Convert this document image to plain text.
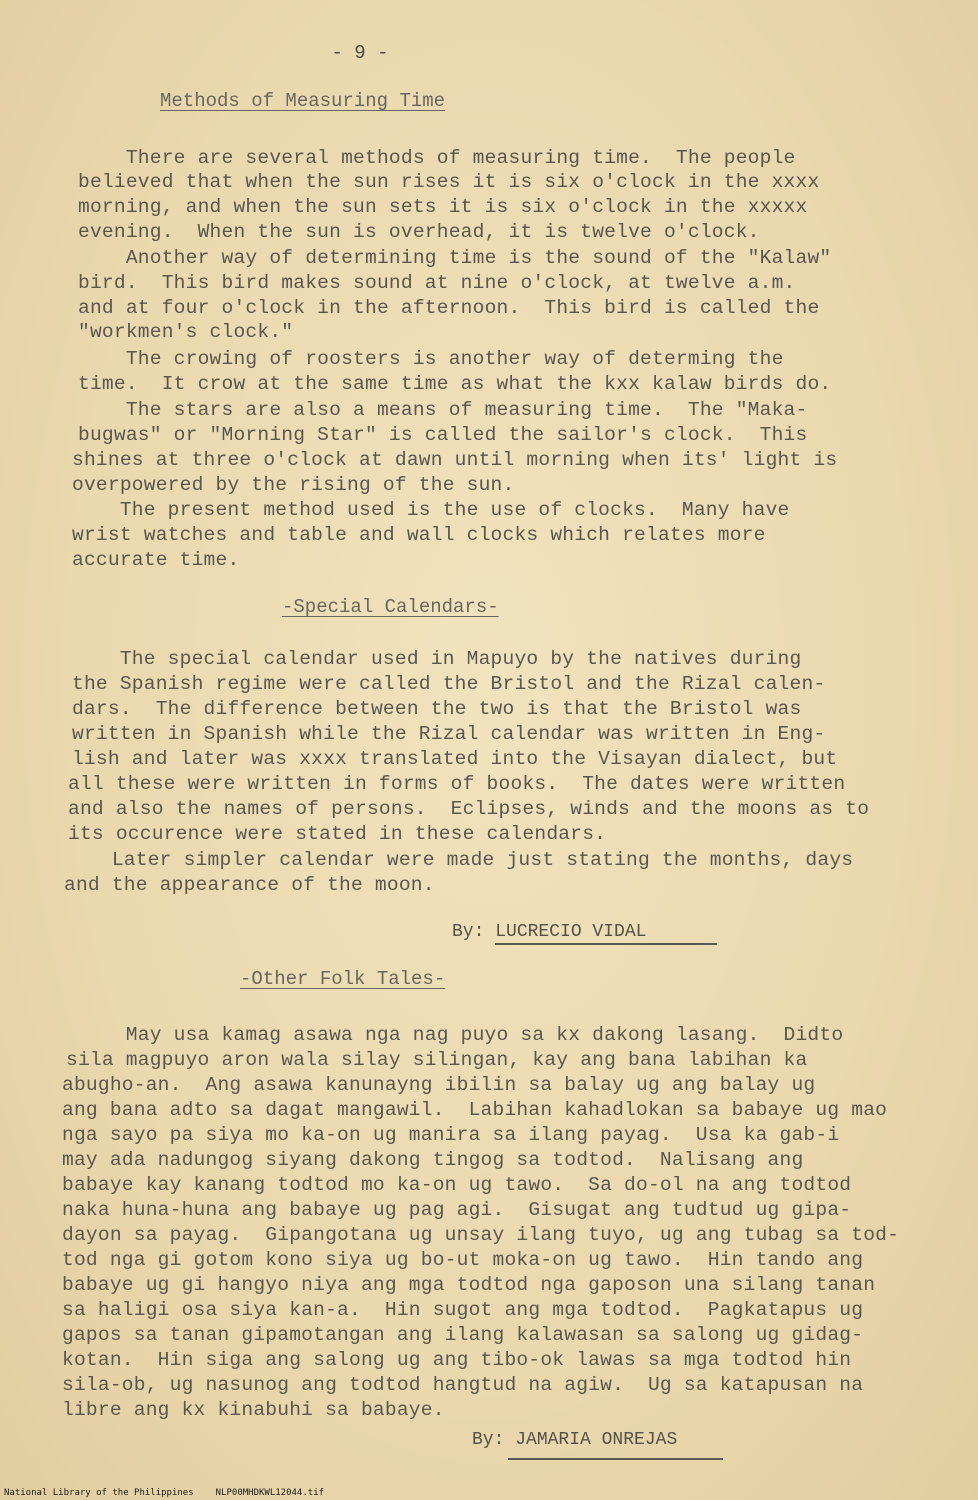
- 9 -
Methods of Measuring Time
There are several methods of measuring time.  The people
believed that when the sun rises it is six o'clock in the xxxx
morning, and when the sun sets it is six o'clock in the xxxxx
evening.  When the sun is overhead, it is twelve o'clock.
Another way of determining time is the sound of the "Kalaw"
bird.  This bird makes sound at nine o'clock, at twelve a.m.
and at four o'clock in the afternoon.  This bird is called the
"workmen's clock."
The crowing of roosters is another way of determing the
time.  It crow at the same time as what the kxx kalaw birds do.
The stars are also a means of measuring time.  The "Maka-
bugwas" or "Morning Star" is called the sailor's clock.  This
shines at three o'clock at dawn until morning when its' light is
overpowered by the rising of the sun.
The present method used is the use of clocks.  Many have
wrist watches and table and wall clocks which relates more
accurate time.
-Special Calendars-
The special calendar used in Mapuyo by the natives during
the Spanish regime were called the Bristol and the Rizal calen-
dars.  The difference between the two is that the Bristol was
written in Spanish while the Rizal calendar was written in Eng-
lish and later was xxxx translated into the Visayan dialect, but
all these were written in forms of books.  The dates were written
and also the names of persons.  Eclipses, winds and the moons as to
its occurence were stated in these calendars.
Later simpler calendar were made just stating the months, days
and the appearance of the moon.
By: LUCRECIO VIDAL
-Other Folk Tales-
May usa kamag asawa nga nag puyo sa kx dakong lasang.  Didto
sila magpuyo aron wala silay silingan, kay ang bana labihan ka
abugho-an.  Ang asawa kanunayng ibilin sa balay ug ang balay ug
ang bana adto sa dagat mangawil.  Labihan kahadlokan sa babaye ug mao
nga sayo pa siya mo ka-on ug manira sa ilang payag.  Usa ka gab-i
may ada nadungog siyang dakong tingog sa todtod.  Nalisang ang
babaye kay kanang todtod mo ka-on ug tawo.  Sa do-ol na ang todtod
naka huna-huna ang babaye ug pag agi.  Gisugat ang tudtud ug gipa-
dayon sa payag.  Gipangotana ug unsay ilang tuyo, ug ang tubag sa tod-
tod nga gi gotom kono siya ug bo-ut moka-on ug tawo.  Hin tando ang
babaye ug gi hangyo niya ang mga todtod nga gaposon una silang tanan
sa haligi osa siya kan-a.  Hin sugot ang mga todtod.  Pagkatapus ug
gapos sa tanan gipamotangan ang ilang kalawasan sa salong ug gidag-
kotan.  Hin siga ang salong ug ang tibo-ok lawas sa mga todtod hin
sila-ob, ug nasunog ang todtod hangtud na agiw.  Ug sa katapusan na
libre ang kx kinabuhi sa babaye.
By: JAMARIA ONREJAS
National Library of the Philippines NLP00MHDKWL12044.tif
